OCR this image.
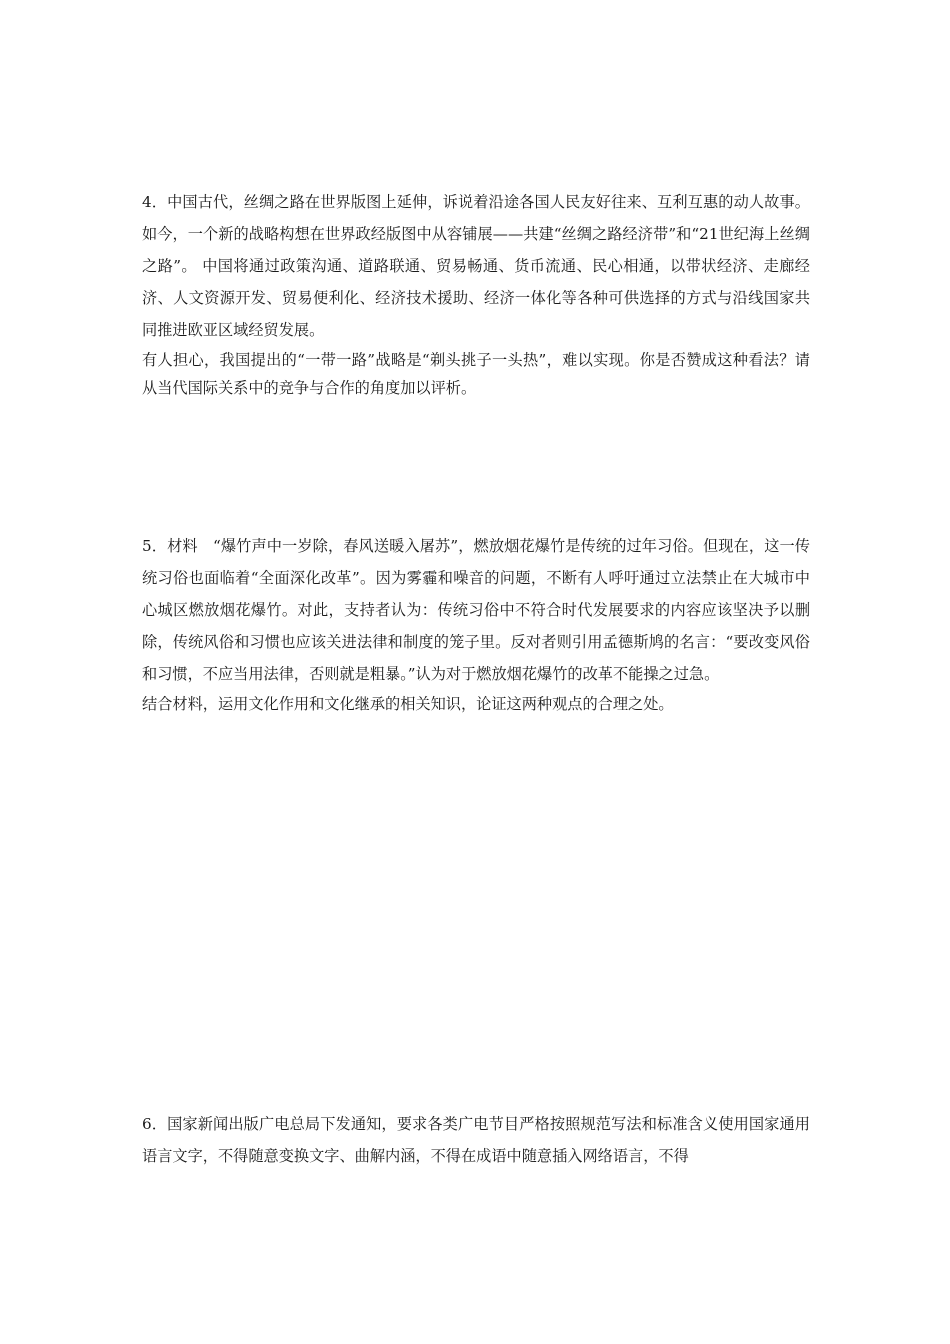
4．中国古代，丝绸之路在世界版图上延伸，诉说着沿途各国人民友好往来、互利互惠的动人故事。如今，一个新的战略构想在世界政经版图中从容铺展——共建“丝绸之路经济带”和“21世纪海上丝绸之路”。 中国将通过政策沟通、道路联通、贸易畅通、货币流通、民心相通，以带状经济、走廊经济、人文资源开发、贸易便利化、经济技术援助、经济一体化等各种可供选择的方式与沿线国家共同推进欧亚区域经贸发展。

有人担心，我国提出的“一带一路”战略是“剃头挑子一头热”，难以实现。你是否赞成这种看法？请从当代国际关系中的竞争与合作的角度加以评析。

5．材料　“爆竹声中一岁除，春风送暖入屠苏”，燃放烟花爆竹是传统的过年习俗。但现在，这一传统习俗也面临着“全面深化改革”。因为雾霾和噪音的问题，不断有人呼吁通过立法禁止在大城市中心城区燃放烟花爆竹。对此，支持者认为：传统习俗中不符合时代发展要求的内容应该坚决予以删除，传统风俗和习惯也应该关进法律和制度的笼子里。反对者则引用孟德斯鸠的名言：“要改变风俗和习惯，不应当用法律，否则就是粗暴。”认为对于燃放烟花爆竹的改革不能操之过急。

结合材料，运用文化作用和文化继承的相关知识，论证这两种观点的合理之处。

6．国家新闻出版广电总局下发通知，要求各类广电节目严格按照规范写法和标准含义使用国家通用语言文字，不得随意变换文字、曲解内涵，不得在成语中随意插入网络语言，不得
